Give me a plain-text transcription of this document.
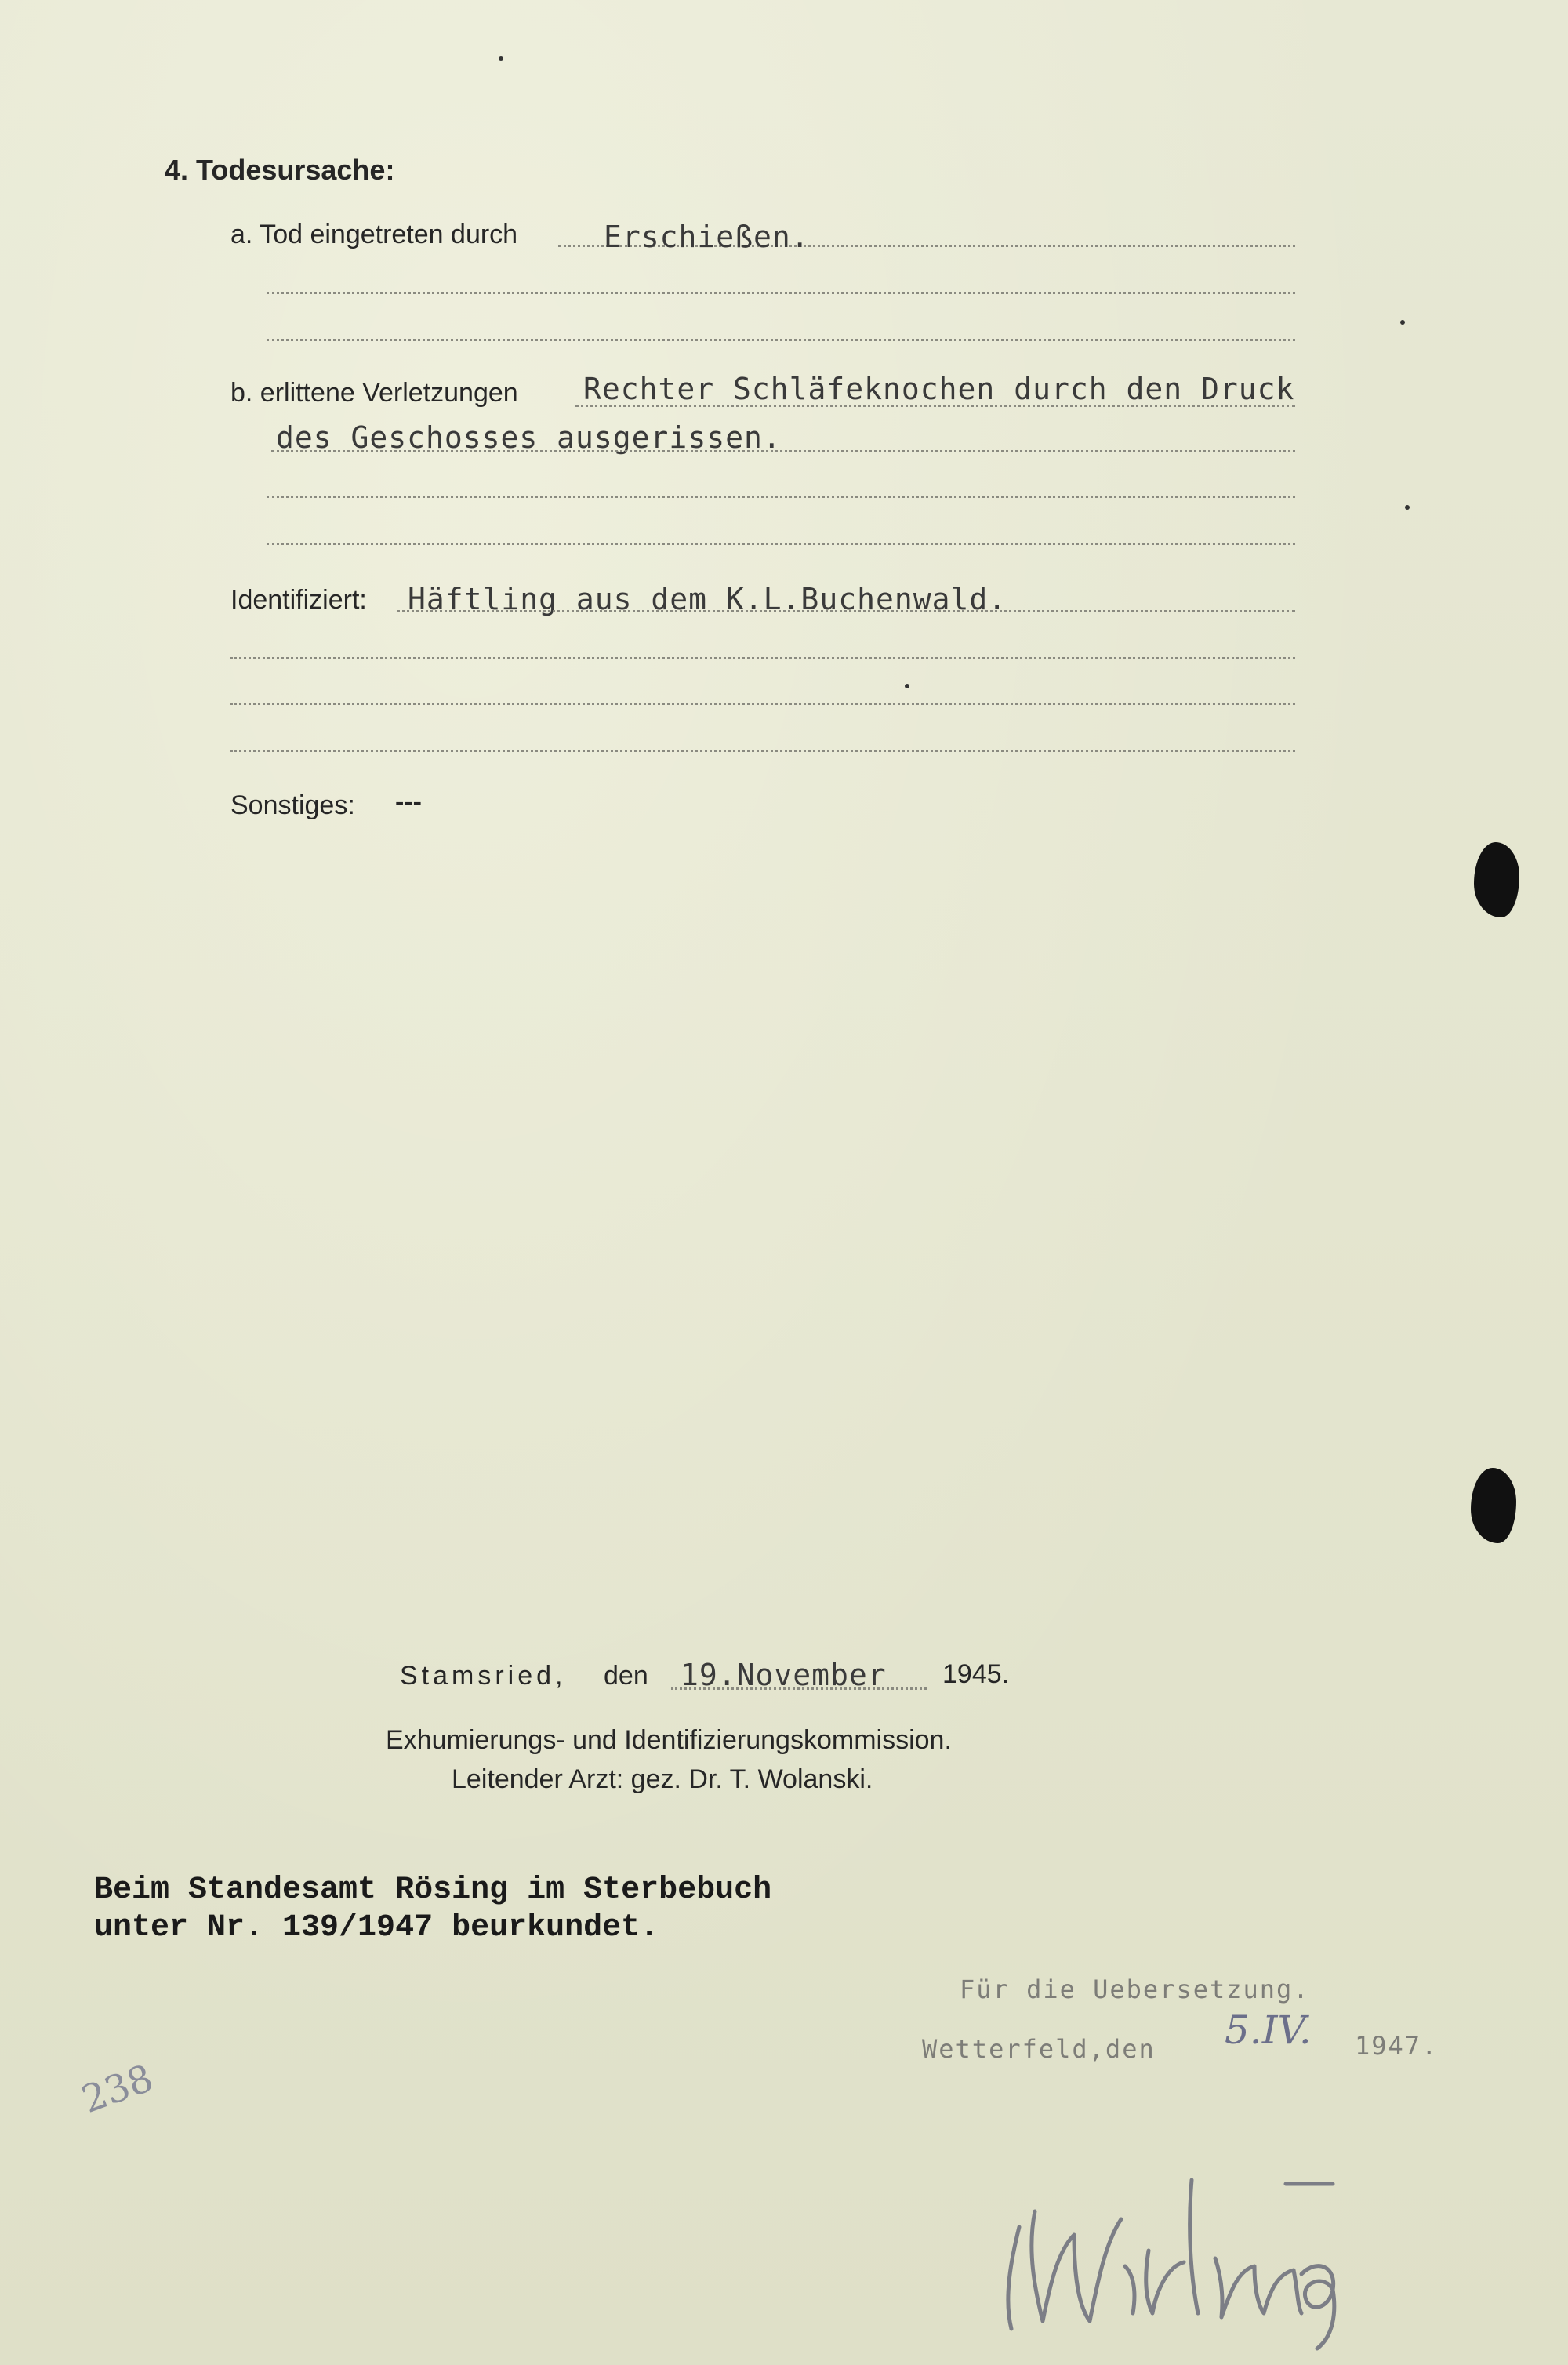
4. Todesursache:
a. Tod eingetreten durch	Erschießen.
b. erlittene Verletzungen Rechter Schläfeknochen durch den Druck
des Geschosses ausgerissen.
Identifiziert: Häftling aus dem K.L.Buchenwald.
Sonstiges: ---
Stamsried, den 19.November 1945.
Exhumierungs- und Identifizierungskommission.
Leitender Arzt: gez. Dr. T. Wolanski.
Beim Standesamt Rösing im Sterbebuch
unter Nr. 139/1947 beurkundet.
Für die Uebersetzung.
Wetterfeld,den 5.IV. 1947.
238
